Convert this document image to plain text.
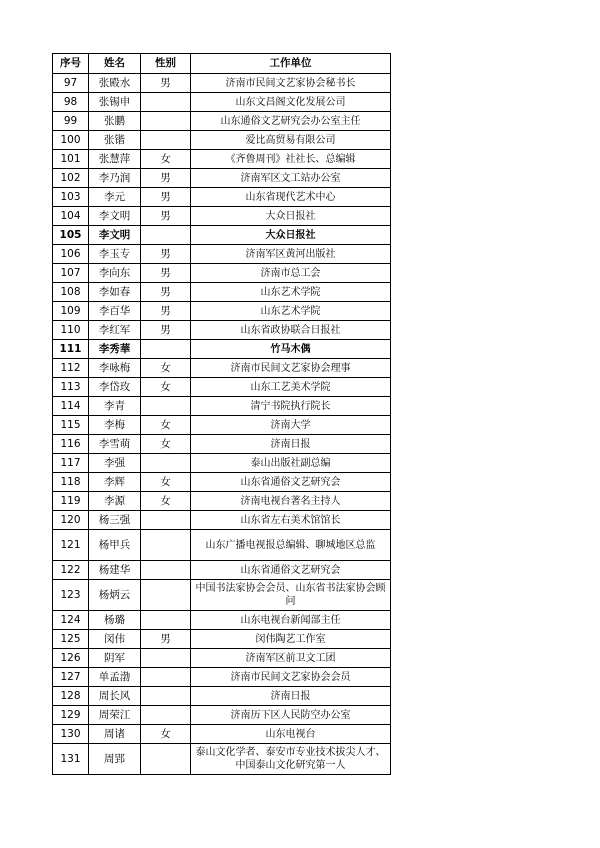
序号	姓名	性别	工作单位
97	张殿水	男	济南市民间文艺家协会秘书长
98	张锡申		山东文昌阁文化发展公司
99	张鹏		山东通俗文艺研究会办公室主任
100	张锴		爱比高贸易有限公司
101	张慧萍	女	《齐鲁周刊》社社长、总编辑
102	李乃润	男	济南军区文工站办公室
103	李元	男	山东省现代艺术中心
104	李文明	男	大众日报社
105	李文明		大众日报社
106	李玉专	男	济南军区黄河出版社
107	李向东	男	济南市总工会
108	李如春	男	山东艺术学院
109	李百华	男	山东艺术学院
110	李红军	男	山东省政协联合日报社
111	李秀華		竹马木偶
112	李咏梅	女	济南市民间文艺家协会理事
113	李岱玫	女	山东工艺美术学院
114	李青		清宁书院执行院长
115	李梅	女	济南大学
116	李雪萌	女	济南日报
117	李强		泰山出版社副总编
118	李辉	女	山东省通俗文艺研究会
119	李源	女	济南电视台著名主持人
120	杨三强		山东省左右美术馆馆长
121	杨甲兵		山东广播电视报总编辑、聊城地区总监
122	杨建华		山东省通俗文艺研究会
123	杨炳云		中国书法家协会会员、山东省书法家协会顾问
124	杨璐		山东电视台新闻部主任
125	闵伟	男	闵伟陶艺工作室
126	阴军		济南军区前卫文工团
127	单孟渤		济南市民间文艺家协会会员
128	周长风		济南日报
129	周荣江		济南历下区人民防空办公室
130	周诸	女	山东电视台
131	周郢		泰山文化学者、泰安市专业技术拔尖人才、中国泰山文化研究第一人
